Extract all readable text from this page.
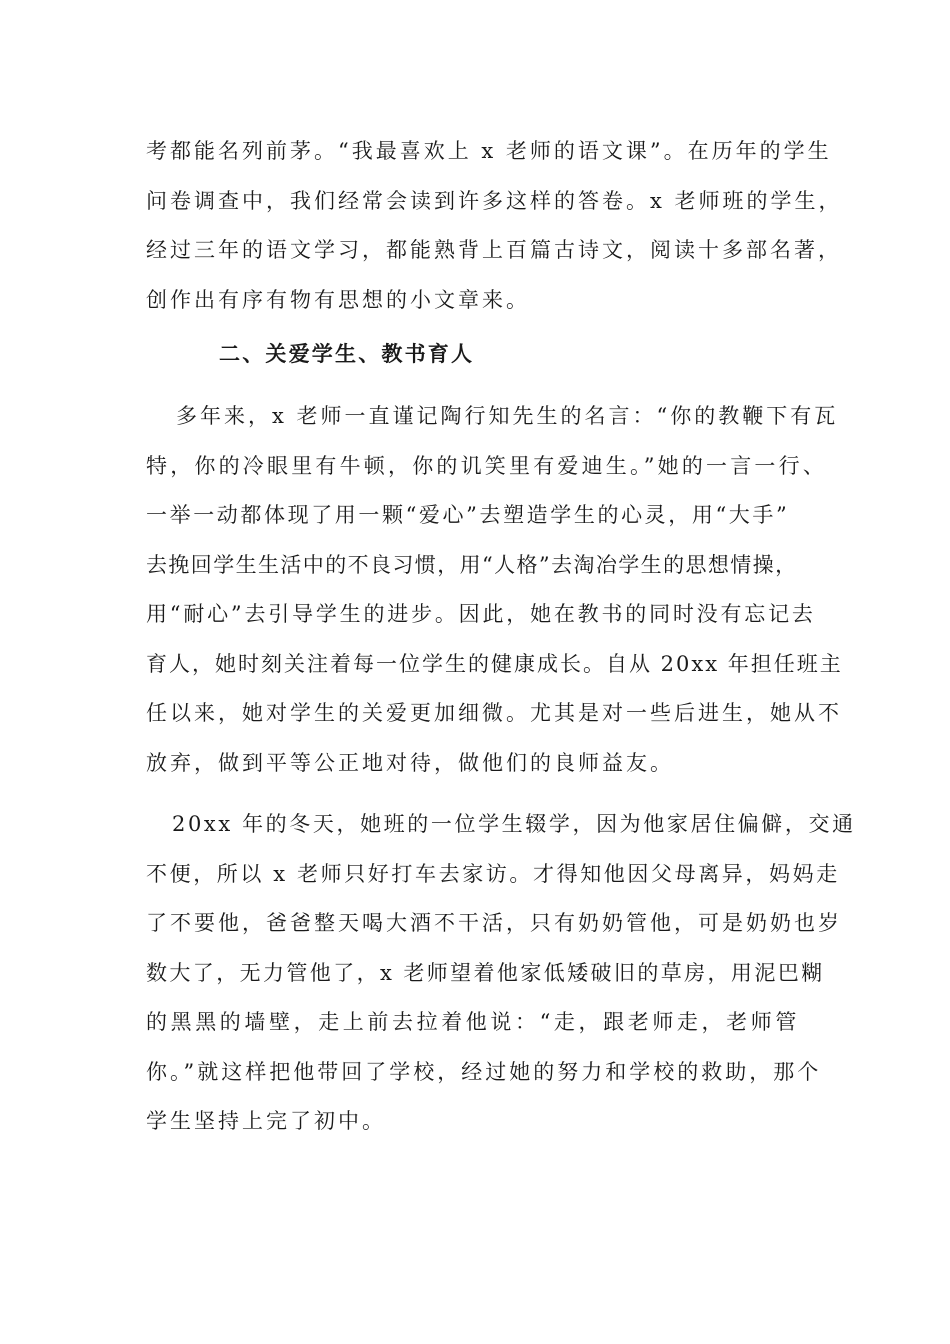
考都能名列前茅。“我最喜欢上 x 老师的语文课”。在历年的学生
问卷调查中，我们经常会读到许多这样的答卷。x 老师班的学生，
经过三年的语文学习，都能熟背上百篇古诗文，阅读十多部名著，
创作出有序有物有思想的小文章来。
二、关爱学生、教书育人
多年来，x 老师一直谨记陶行知先生的名言：“你的教鞭下有瓦
特，你的冷眼里有牛顿，你的讥笑里有爱迪生。”她的一言一行、
一举一动都体现了用一颗“爱心”去塑造学生的心灵，用“大手”
去挽回学生生活中的不良习惯，用“人格”去淘冶学生的思想情操，
用“耐心”去引导学生的进步。因此，她在教书的同时没有忘记去
育人，她时刻关注着每一位学生的健康成长。自从 20xx 年担任班主
任以来，她对学生的关爱更加细微。尤其是对一些后进生，她从不
放弃，做到平等公正地对待，做他们的良师益友。
20xx 年的冬天，她班的一位学生辍学，因为他家居住偏僻，交通
不便，所以 x 老师只好打车去家访。才得知他因父母离异，妈妈走
了不要他，爸爸整天喝大酒不干活，只有奶奶管他，可是奶奶也岁
数大了，无力管他了，x 老师望着他家低矮破旧的草房，用泥巴糊
的黑黑的墙壁，走上前去拉着他说：“走，跟老师走，老师管
你。”就这样把他带回了学校，经过她的努力和学校的救助，那个
学生坚持上完了初中。
